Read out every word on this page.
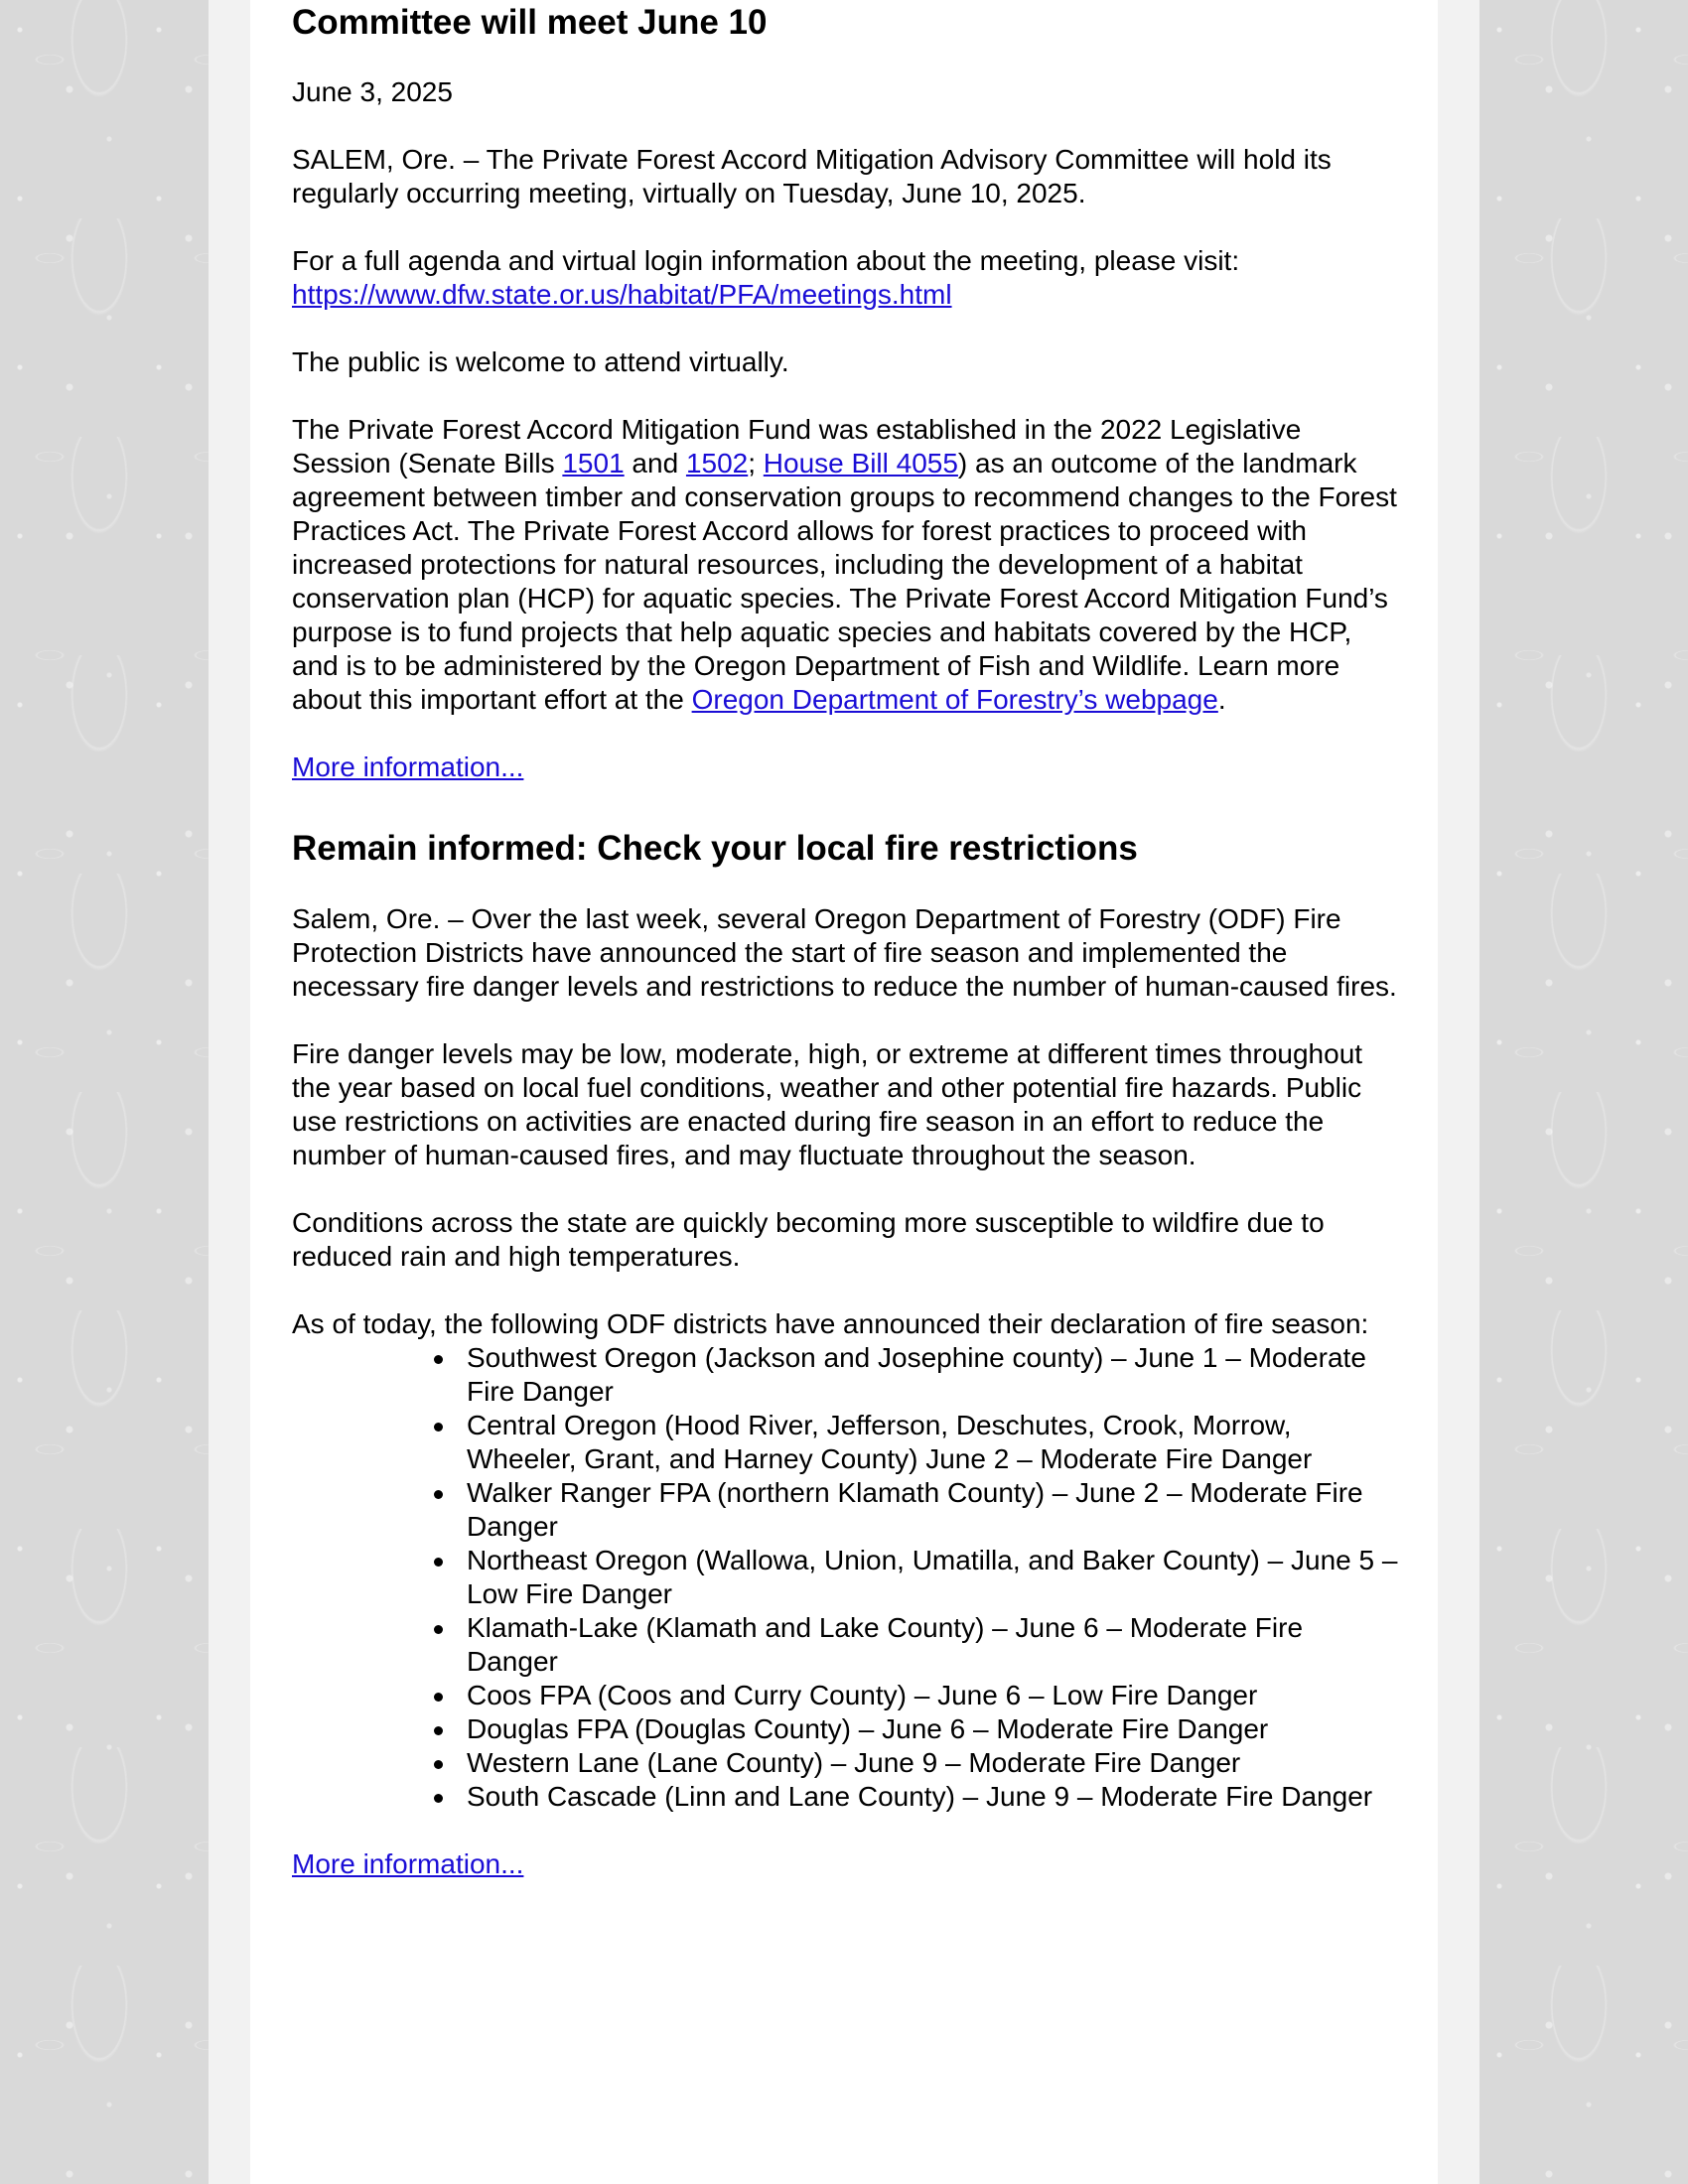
Committee will meet June 10

June 3, 2025

SALEM, Ore. – The Private Forest Accord Mitigation Advisory Committee will hold its regularly occurring meeting, virtually on Tuesday, June 10, 2025.

For a full agenda and virtual login information about the meeting, please visit:
https://www.dfw.state.or.us/habitat/PFA/meetings.html

The public is welcome to attend virtually.

The Private Forest Accord Mitigation Fund was established in the 2022 Legislative Session (Senate Bills 1501 and 1502; House Bill 4055) as an outcome of the landmark agreement between timber and conservation groups to recommend changes to the Forest Practices Act. The Private Forest Accord allows for forest practices to proceed with increased protections for natural resources, including the development of a habitat conservation plan (HCP) for aquatic species. The Private Forest Accord Mitigation Fund’s purpose is to fund projects that help aquatic species and habitats covered by the HCP, and is to be administered by the Oregon Department of Fish and Wildlife. Learn more about this important effort at the Oregon Department of Forestry’s webpage.

More information...

Remain informed: Check your local fire restrictions

Salem, Ore. – Over the last week, several Oregon Department of Forestry (ODF) Fire Protection Districts have announced the start of fire season and implemented the necessary fire danger levels and restrictions to reduce the number of human-caused fires.

Fire danger levels may be low, moderate, high, or extreme at different times throughout the year based on local fuel conditions, weather and other potential fire hazards. Public use restrictions on activities are enacted during fire season in an effort to reduce the number of human-caused fires, and may fluctuate throughout the season.

Conditions across the state are quickly becoming more susceptible to wildfire due to reduced rain and high temperatures.

As of today, the following ODF districts have announced their declaration of fire season:

Southwest Oregon (Jackson and Josephine county) – June 1 – Moderate Fire Danger
Central Oregon (Hood River, Jefferson, Deschutes, Crook, Morrow, Wheeler, Grant, and Harney County) June 2 – Moderate Fire Danger
Walker Ranger FPA (northern Klamath County) – June 2 – Moderate Fire Danger
Northeast Oregon (Wallowa, Union, Umatilla, and Baker County) – June 5 – Low Fire Danger
Klamath-Lake (Klamath and Lake County) – June 6 – Moderate Fire Danger
Coos FPA (Coos and Curry County) – June 6 – Low Fire Danger
Douglas FPA (Douglas County) – June 6 – Moderate Fire Danger
Western Lane (Lane County) – June 9 – Moderate Fire Danger
South Cascade (Linn and Lane County) – June 9 – Moderate Fire Danger

More information...
